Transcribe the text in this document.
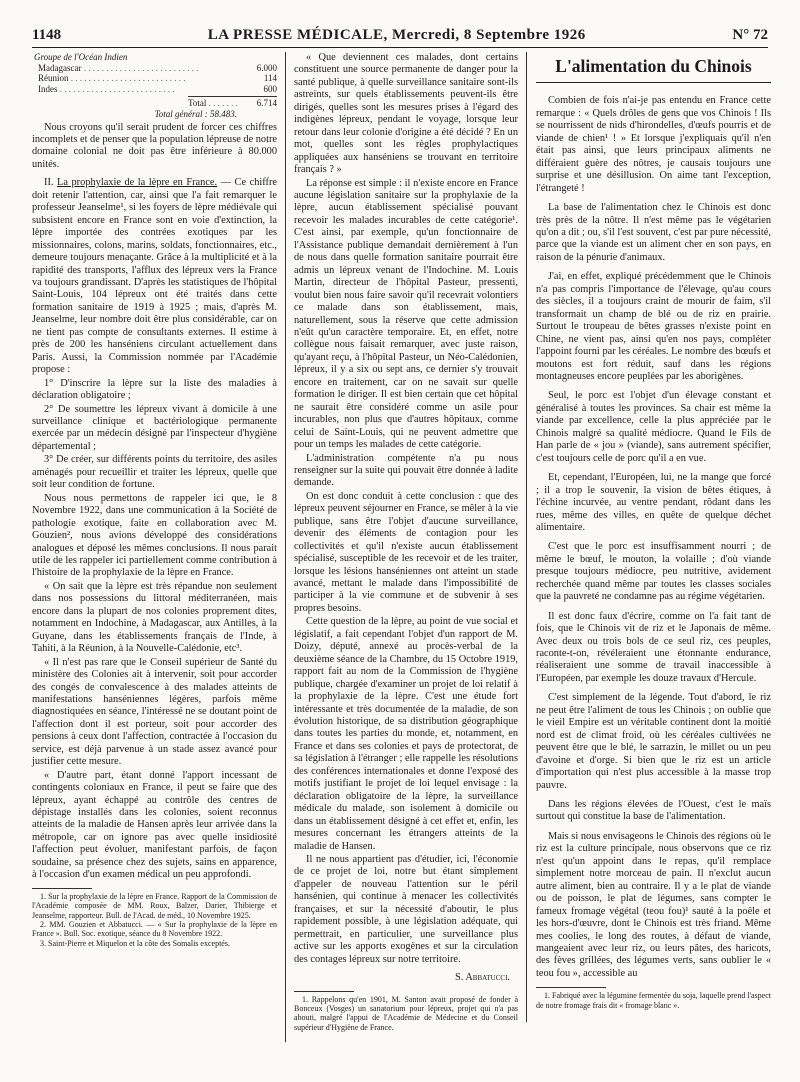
1148	LA PRESSE MÉDICALE, Mercredi, 8 Septembre 1926	N° 72
Groupe de l'Océan Indien
Madagascar . . .	6.000
Réunion . . .	114
Indes . . .	600
Total . . .	6.714
Total général : 58.483.

Nous croyons qu'il serait prudent de forcer ces chiffres incomplets et de penser que la population lépreuse de notre domaine colonial ne doit pas être inférieure à 80.000 unités.

II. La prophylaxie de la lèpre en France. — Ce chiffre doit retenir l'attention, car, ainsi que l'a fait remarquer le professeur Jeanselme¹, si les foyers de lèpre médiévale qui subsistent encore en France sont en voie d'extinction, la lèpre importée des contrées exotiques par les missionnaires, colons, marins, soldats, fonctionnaires, etc., demeure toujours menaçante. Grâce à la multiplicité et à la rapidité des transports, l'afflux des lépreux vers la France va toujours grandissant. D'après les statistiques de l'hôpital Saint-Louis, 104 lépreux ont été traités dans cette formation sanitaire de 1919 à 1925 ; mais, d'après M. Jeanselme, leur nombre doit être plus considérable, car on ne tient pas compte de consultants externes. Il estime à près de 200 les hanséniens circulant actuellement dans Paris. Aussi, la Commission nommée par l'Académie propose :

1° D'inscrire la lèpre sur la liste des maladies à déclaration obligatoire ;

2° De soumettre les lépreux vivant à domicile à une surveillance clinique et bactériologique permanente exercée par un médecin désigné par l'inspecteur d'hygiène départemental ;

3° De créer, sur différents points du territoire, des asiles aménagés pour recueillir et traiter les lépreux, quelle que soit leur condition de fortune.

Nous nous permettons de rappeler ici que, le 8 Novembre 1922, dans une communication à la Société de pathologie exotique, faite en collaboration avec M. Gouzien², nous avions développé des considérations analogues et déposé les mêmes conclusions. Il nous parait utile de les rappeler ici partiellement comme contribution à l'histoire de la prophylaxie de la lèpre en France.

« On sait que la lèpre est très répandue non seulement dans nos possessions du littoral méditerranéen, mais encore dans la plupart de nos colonies proprement dites, notamment en Indochine, à Madagascar, aux Antilles, à la Guyane, dans les établissements français de l'Inde, à Tahiti, à la Réunion, à la Nouvelle-Calédonie, etc³.

« Il n'est pas rare que le Conseil supérieur de Santé du ministère des Colonies ait à intervenir, soit pour accorder des congés de convalescence à des malades atteints de manifestations hanséniennes légères, parfois même diagnostiquées en séance, l'intéressé ne se doutant point de l'affection dont il est porteur, soit pour accorder des pensions à ceux dont l'affection, contractée à l'occasion du service, est déjà parvenue à un stade assez avancé pour justifier cette mesure.

« D'autre part, étant donné l'apport incessant de contingents coloniaux en France, il peut se faire que des lépreux, ayant échappé au contrôle des centres de dépistage installés dans les colonies, soient reconnus atteints de la maladie de Hansen après leur arrivée dans la métropole, car on ignore pas avec quelle insidiosité l'affection peut évoluer, manifestant parfois, de façon soudaine, sa présence chez des sujets, sains en apparence, à l'occasion d'un examen médical un peu approfondi.

1. Sur la prophylaxie de la lèpre en France. Rapport de la Commission de l'Académie composée de MM. Roux, Balzer, Darier, Thibierge et Jeanselme, rapporteur. Bull. de l'Acad. de méd., 10 Novembre 1925.

2. MM. Gouzien et Abbatucci. — « Sur la prophylaxie de la lèpre en France ». Bull. Soc. exotique, séance du 8 Novembre 1922.

3. Saint-Pierre et Miquelon et la côte des Somalis exceptés.

« Que deviennent ces malades, dont certains constituent une source permanente de danger pour la santé publique, à quelle surveillance sanitaire sont-ils astreints, sur quels établissements peuvent-ils être dirigés, quelles sont les mesures prises à l'égard des indigènes lépreux, pendant le voyage, lorsque leur retour dans leur colonie d'origine a été décidé ? En un mot, quelles sont les règles prophylactiques appliquées aux hanséniens se trouvant en territoire français ? »

La réponse est simple : il n'existe encore en France aucune législation sanitaire sur la prophylaxie de la lèpre, aucun établissement spécialisé pouvant recevoir les malades incurables de cette catégorie¹. C'est ainsi, par exemple, qu'un fonctionnaire de l'Assistance publique demandait dernièrement à l'un de nous dans quelle formation sanitaire pourrait être admis un lépreux venant de l'Indochine. M. Louis Martin, directeur de l'hôpital Pasteur, pressenti, voulut bien nous faire savoir qu'il recevrait volontiers ce malade dans son établissement, mais, naturellement, sous la réserve que cette admission n'eût qu'un caractère temporaire. Et, en effet, notre collègue nous faisait remarquer, avec juste raison, qu'ayant reçu, à l'hôpital Pasteur, un Néo-Calédonien, lépreux, il y a six ou sept ans, ce dernier s'y trouvait encore en traitement, car on ne savait sur quelle formation le diriger. Il est bien certain que cet hôpital ne saurait être considéré comme un asile pour incurables, non plus que d'autres hôpitaux, comme celui de Saint-Louis, qui ne peuvent admettre que pour un temps les malades de cette catégorie.

L'administration compétente n'a pu nous renseigner sur la suite qui pouvait être donnée à ladite demande.

On est donc conduit à cette conclusion : que des lépreux peuvent séjourner en France, se mêler à la vie publique, sans être l'objet d'aucune surveillance, devenir des éléments de contagion pour les collectivités et qu'il n'existe aucun établissement spécialisé, susceptible de les recevoir et de les traiter, lorsque les lésions hanséniennes ont atteint un stade avancé, mettant le malade dans l'impossibilité de participer à la vie commune et de subvenir à ses propres besoins.

Cette question de la lèpre, au point de vue social et législatif, a fait cependant l'objet d'un rapport de M. Doizy, député, annexé au procès-verbal de la deuxième séance de la Chambre, du 15 Octobre 1919, rapport fait au nom de la Commission de l'hygiène publique, chargée d'examiner un projet de loi relatif à la prophylaxie de la lèpre. C'est une étude fort intéressante et très documentée de la maladie, de son évolution historique, de sa distribution géographique dans toutes les parties du monde, et, notamment, en France et dans ses colonies et pays de protectorat, de sa législation à l'étranger ; elle rappelle les résolutions des conférences internationales et donne l'exposé des motifs justifiant le projet de loi lequel envisage : la déclaration obligatoire de la lèpre, la surveillance médicale du malade, son isolement à domicile ou dans un établissement désigné à cet effet et, enfin, les mesures concernant les étrangers atteints de la maladie de Hansen.

Il ne nous appartient pas d'étudier, ici, l'économie de ce projet de loi, notre but étant simplement d'appeler de nouveau l'attention sur le péril hansénien, qui continue à menacer les collectivités françaises, et sur la nécessité d'aboutir, le plus rapidement possible, à une législation adéquate, qui permettrait, en particulier, une surveillance plus active sur les apports exogènes et sur la circulation des contages lépreux sur notre territoire.

S. Abbatucci.

1. Rappelons qu'en 1901, M. Santon avait proposé de fonder à Bonceux (Vosges) un sanatorium pour lépreux, projet qui n'a pas abouti, malgré l'appui de l'Académie de Médecine et du Conseil supérieur d'Hygiène de France.

L'alimentation du Chinois

Combien de fois n'ai-je pas entendu en France cette remarque : « Quels drôles de gens que vos Chinois ! Ils se nourrissent de nids d'hirondelles, d'œufs pourris et de viande de chien¹ ! » Et lorsque j'expliquais qu'il n'en était pas ainsi, que leurs principaux aliments ne différaient guère des nôtres, je causais toujours une surprise et une désillusion. On aime tant l'exception, l'étrangeté !

La base de l'alimentation chez le Chinois est donc très près de la nôtre. Il n'est même pas le végétarien qu'on a dit ; ou, s'il l'est souvent, c'est par pure nécessité, parce que la viande est un aliment cher en son pays, en raison de la pénurie d'animaux.

J'ai, en effet, expliqué précédemment que le Chinois n'a pas compris l'importance de l'élevage, qu'au cours des siècles, il a toujours craint de mourir de faim, s'il transformait un champ de blé ou de riz en prairie. Surtout le troupeau de bêtes grasses n'existe point en Chine, ne vient pas, ainsi qu'en nos pays, compléter l'appoint fourni par les céréales. Le nombre des bœufs et moutons est fort réduit, sauf dans les régions montagneuses encore peuplées par les aborigènes.

Seul, le porc est l'objet d'un élevage constant et généralisé à toutes les provinces. Sa chair est même la viande par excellence, celle la plus appréciée par le Chinois malgré sa qualité médiocre. Quand le Fils de Han parle de « jou » (viande), sans autrement spécifier, c'est toujours celle de porc qu'il a en vue.

Et, cependant, l'Européen, lui, ne la mange que forcé ; il a trop le souvenir, la vision de bêtes étiques, à l'échine incurvée, au ventre pendant, rôdant dans les rues, même des villes, en quête de quelque déchet alimentaire.

C'est que le porc est insuffisamment nourri ; de même le bœuf, le mouton, la volaille ; d'où viande presque toujours médiocre, peu nutritive, avidement recherchée quand même par toutes les classes sociales que la pauvreté ne condamne pas au régime végétarien.

Il est donc faux d'écrire, comme on l'a fait tant de fois, que le Chinois vit de riz et le Japonais de même. Avec deux ou trois bols de ce seul riz, ces peuples, raconte-t-on, révéleraient une étonnante endurance, réaliseraient une somme de travail inaccessible à l'Européen, par exemple les douze travaux d'Hercule.

C'est simplement de la légende. Tout d'abord, le riz ne peut être l'aliment de tous les Chinois ; on oublie que le vieil Empire est un véritable continent dont la moitié nord est de climat froid, où les céréales cultivées ne peuvent être que le blé, le sarrazin, le millet ou un peu d'avoine et d'orge. Si bien que le riz est un article d'importation qui n'est plus accessible à la masse trop pauvre.

Dans les régions élevées de l'Ouest, c'est le maïs surtout qui constitue la base de l'alimentation.

Mais si nous envisageons le Chinois des régions où le riz est la culture principale, nous observons que ce riz n'est qu'un appoint dans le repas, qu'il remplace simplement notre morceau de pain. Il n'exclut aucun autre aliment, bien au contraire. Il y a le plat de viande ou de poisson, le plat de légumes, sans compter le fameux fromage végétal (teou fou)¹ sauté à la poêle et les hors-d'œuvre, dont le Chinois est très friand. Même mes coolies, le long des routes, à défaut de viande, mangeaient avec leur riz, ou leurs pâtes, des haricots, des fèves grillées, des légumes verts, sans oublier le « teou fou », accessible au

1. Fabriqué avec la légumine fermentée du soja, laquelle prend l'aspect de notre fromage frais dit « fromage blanc ».
